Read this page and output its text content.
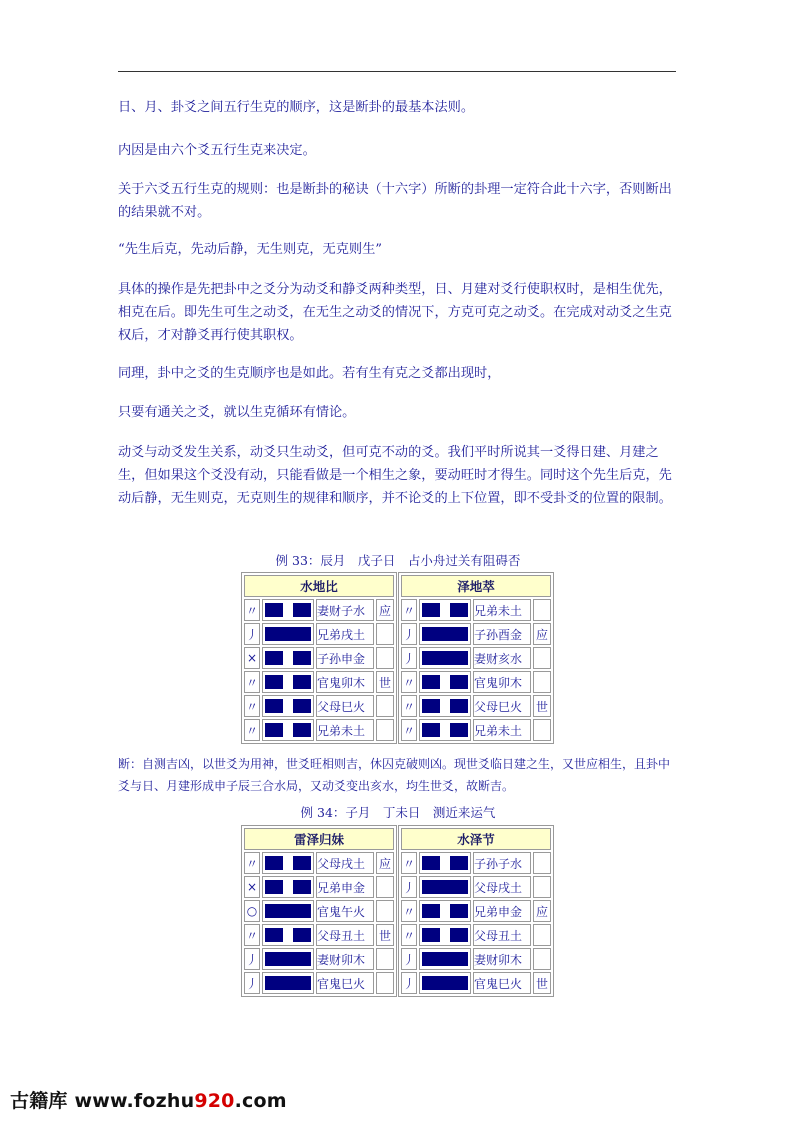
日、月、卦爻之间五行生克的顺序，这是断卦的最基本法则。

内因是由六个爻五行生克来决定。

关于六爻五行生克的规则：也是断卦的秘诀（十六字）所断的卦理一定符合此十六字，否则断出的结果就不对。

“先生后克，先动后静，无生则克，无克则生”

具体的操作是先把卦中之爻分为动爻和静爻两种类型，日、月建对爻行使职权时，是相生优先，相克在后。即先生可生之动爻，在无生之动爻的情况下，方克可克之动爻。在完成对动爻之生克权后，才对静爻再行使其职权。

同理，卦中之爻的生克顺序也是如此。若有生有克之爻都出现时，

只要有通关之爻，就以生克循环有情论。

动爻与动爻发生关系，动爻只生动爻，但可克不动的爻。我们平时所说其一爻得日建、月建之生，但如果这个爻没有动，只能看做是一个相生之象，要动旺时才得生。同时这个先生后克，先动后静，无生则克，无克则生的规律和顺序，并不论爻的上下位置，即不受卦爻的位置的限制。

例 33：辰月　戊子日　占小舟过关有阻碍否

水地比			
〃		妻财子水	应
丿		兄弟戌土	
×		子孙申金	
〃		官鬼卯木	世
〃		父母巳火	
〃		兄弟未土	
泽地萃			
〃		兄弟未土	
丿		子孙酉金	应
丿		妻财亥水	
〃		官鬼卯木	
〃		父母巳火	世
〃		兄弟未土	

断：自测吉凶，以世爻为用神，世爻旺相则吉，休囚克破则凶。现世爻临日建之生，又世应相生，且卦中爻与日、月建形成申子辰三合水局，又动爻变出亥水，均生世爻，故断吉。

例 34：子月　丁未日　测近来运气

雷泽归妹			
〃		父母戌土	应
×		兄弟申金	
○		官鬼午火	
〃		父母丑土	世
丿		妻财卯木	
丿		官鬼巳火	
水泽节			
〃		子孙子水	
丿		父母戌土	
〃		兄弟申金	应
〃		父母丑土	
丿		妻财卯木	
丿		官鬼巳火	世
古籍库 www.fozhu920.com
